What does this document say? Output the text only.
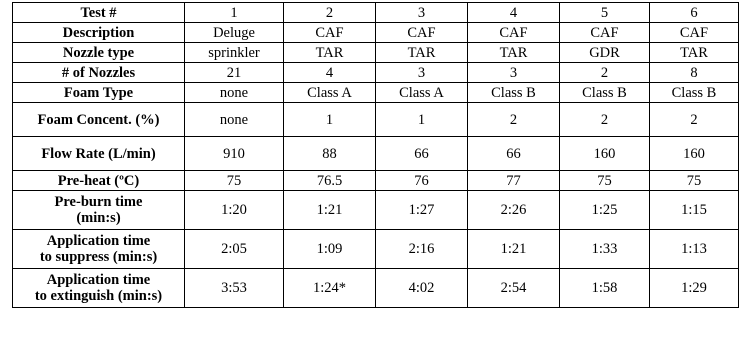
Test #	1	2	3	4	5	6
Description	Deluge	CAF	CAF	CAF	CAF	CAF
Nozzle type	sprinkler	TAR	TAR	TAR	GDR	TAR
# of Nozzles	21	4	3	3	2	8
Foam Type	none	Class A	Class A	Class B	Class B	Class B
Foam Concent. (%)	none	1	1	2	2	2
Flow Rate (L/min)	910	88	66	66	160	160
Pre-heat (ºC)	75	76.5	76	77	75	75

Pre-burn time
(min:s)	1:20	1:21	1:27	2:26	1:25	1:15

Application time
to suppress (min:s)	2:05	1:09	2:16	1:21	1:33	1:13

Application time
to extinguish (min:s)	3:53	1:24*	4:02	2:54	1:58	1:29
